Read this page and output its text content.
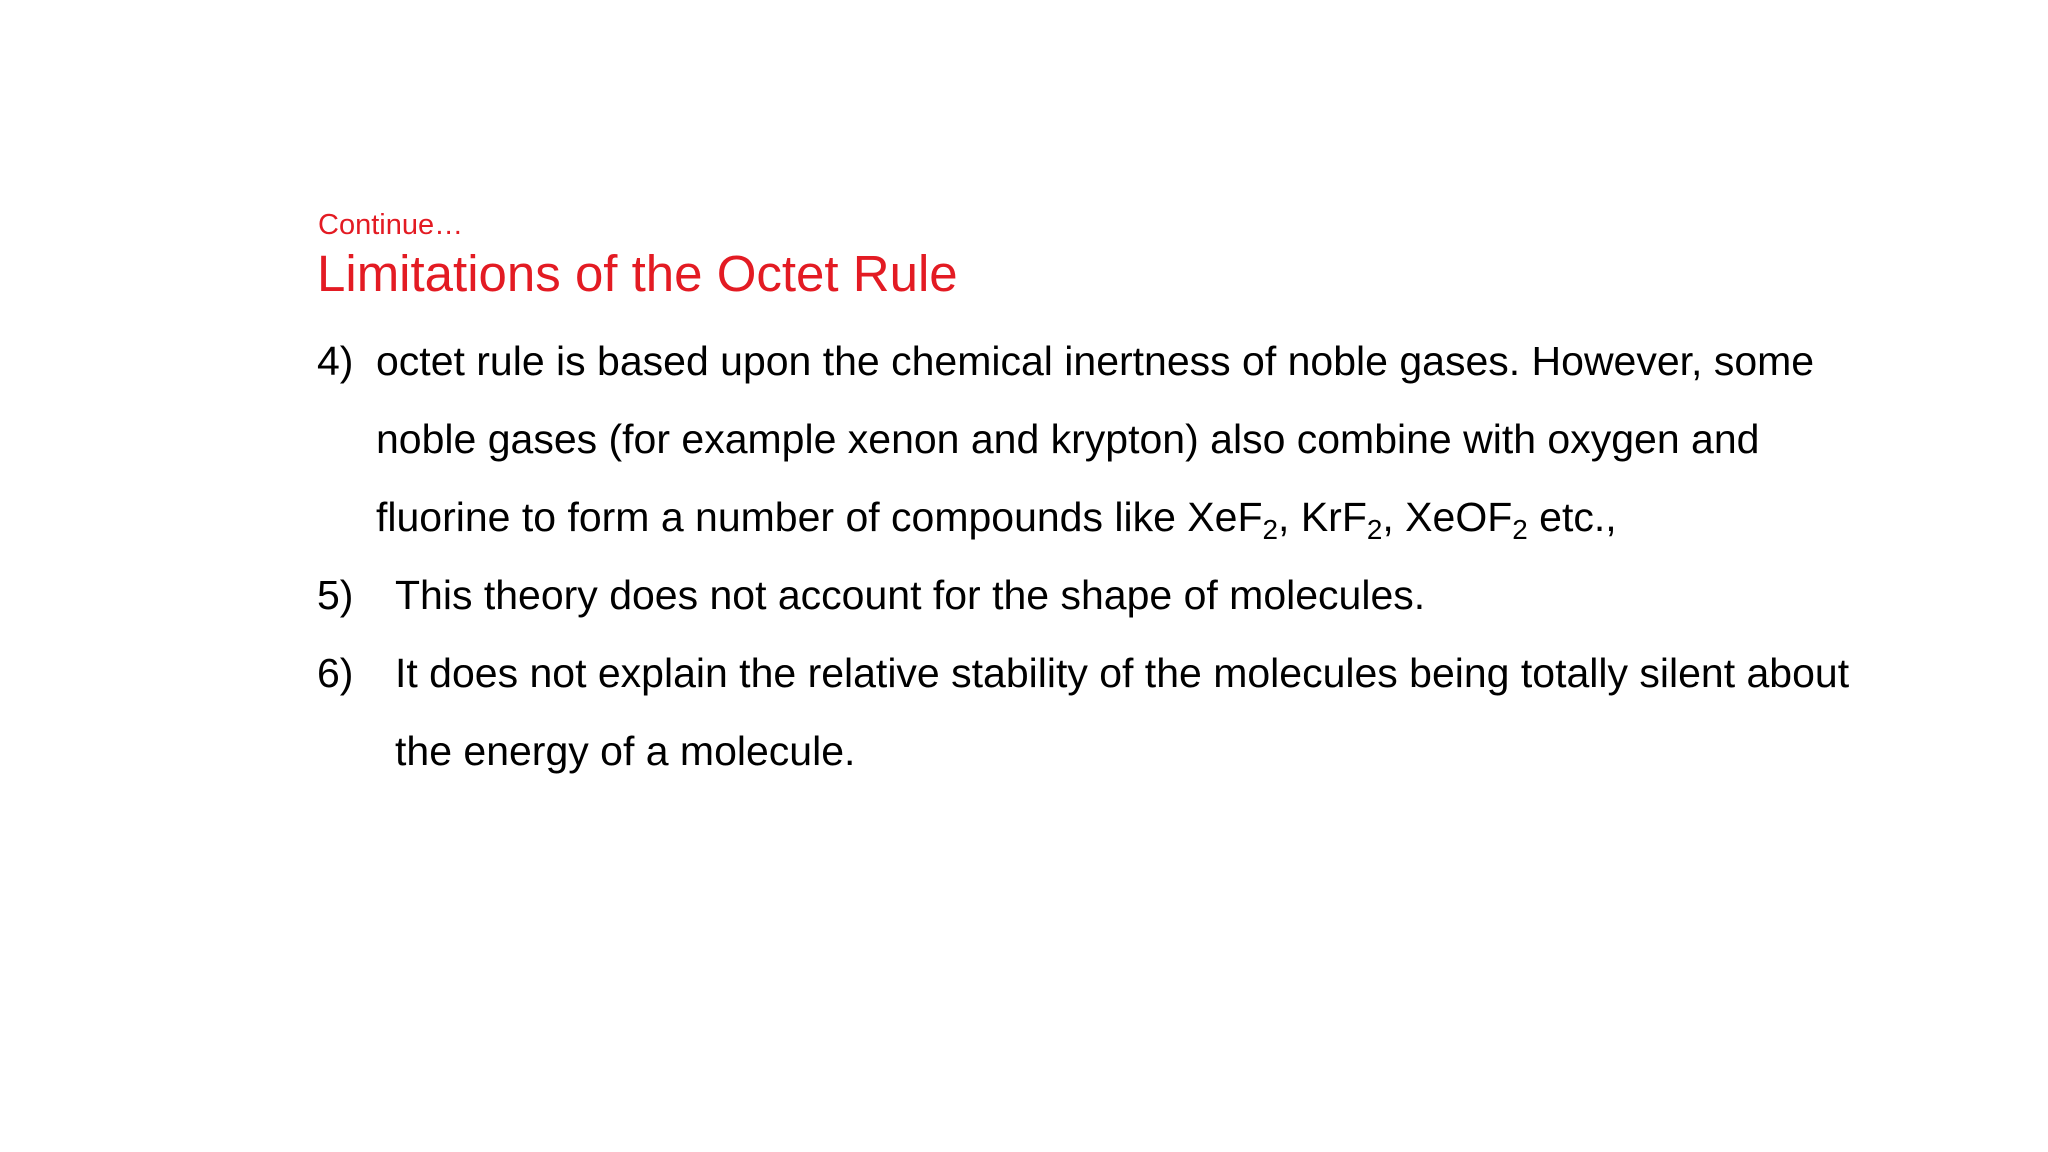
Continue…
Limitations of the Octet Rule
4) octet rule is based upon the chemical inertness of noble gases. However, some noble gases (for example xenon and krypton) also combine with oxygen and fluorine to form a number of compounds like XeF$_2$, KrF$_2$, XeOF$_2$ etc.,
5) This theory does not account for the shape of molecules.
6) It does not explain the relative stability of the molecules being totally silent about the energy of a molecule.
